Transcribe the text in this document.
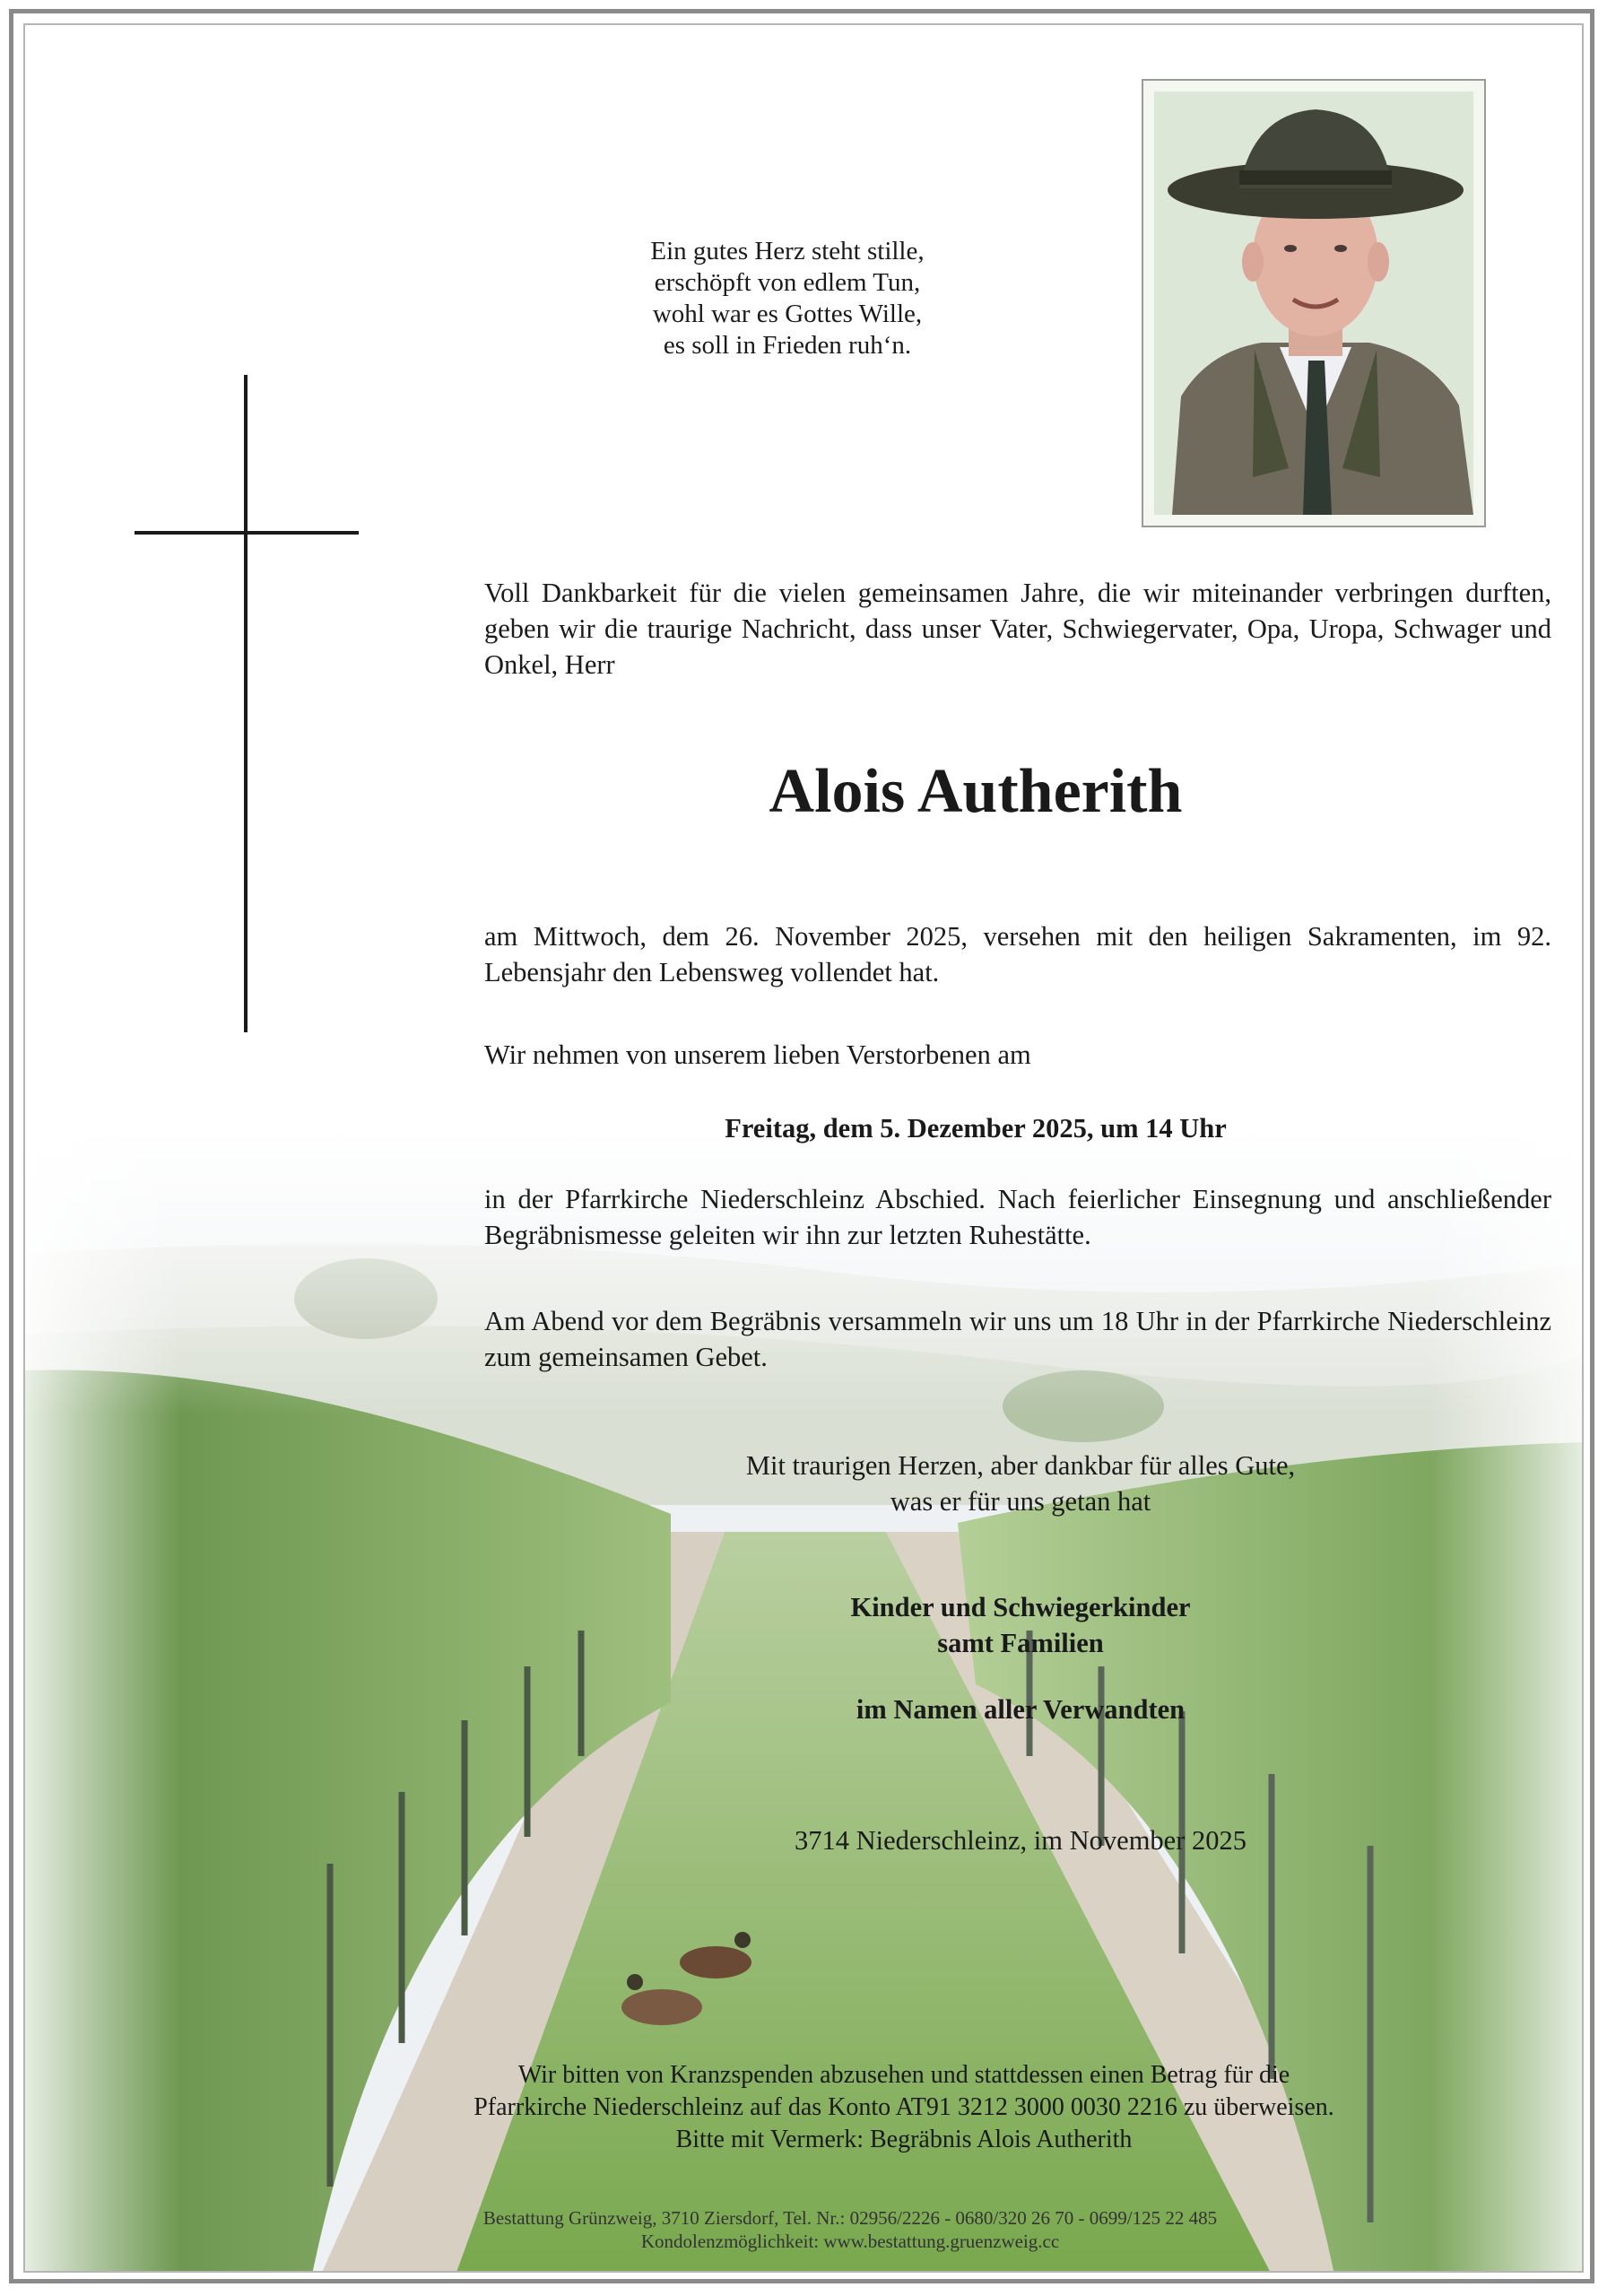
Ein gutes Herz steht stille,
erschöpft von edlem Tun,
wohl war es Gottes Wille,
es soll in Frieden ruh‘n.
Voll Dankbarkeit für die vielen gemeinsamen Jahre, die wir miteinander verbringen durften, geben wir die traurige Nachricht, dass unser Vater, Schwiegervater, Opa, Uropa, Schwager und Onkel, Herr
Alois Autherith
am Mittwoch, dem 26. November 2025, versehen mit den heiligen Sakramenten, im 92. Lebensjahr den Lebensweg vollendet hat.
Wir nehmen von unserem lieben Verstorbenen am
Freitag, dem 5. Dezember 2025, um 14 Uhr
in der Pfarrkirche Niederschleinz Abschied. Nach feierlicher Einsegnung und anschließender Begräbnismesse geleiten wir ihn zur letzten Ruhestätte.
Am Abend vor dem Begräbnis versammeln wir uns um 18 Uhr in der Pfarrkirche Niederschleinz zum gemeinsamen Gebet.
Mit traurigen Herzen, aber dankbar für alles Gute,
was er für uns getan hat
Kinder und Schwiegerkinder
samt Familien
im Namen aller Verwandten
3714 Niederschleinz, im November 2025
Wir bitten von Kranzspenden abzusehen und stattdessen einen Betrag für die
Pfarrkirche Niederschleinz auf das Konto AT91 3212 3000 0030 2216 zu überweisen.
Bitte mit Vermerk: Begräbnis Alois Autherith
Bestattung Grünzweig, 3710 Ziersdorf, Tel. Nr.: 02956/2226 - 0680/320 26 70 - 0699/125 22 485
Kondolenzmöglichkeit: www.bestattung.gruenzweig.cc
